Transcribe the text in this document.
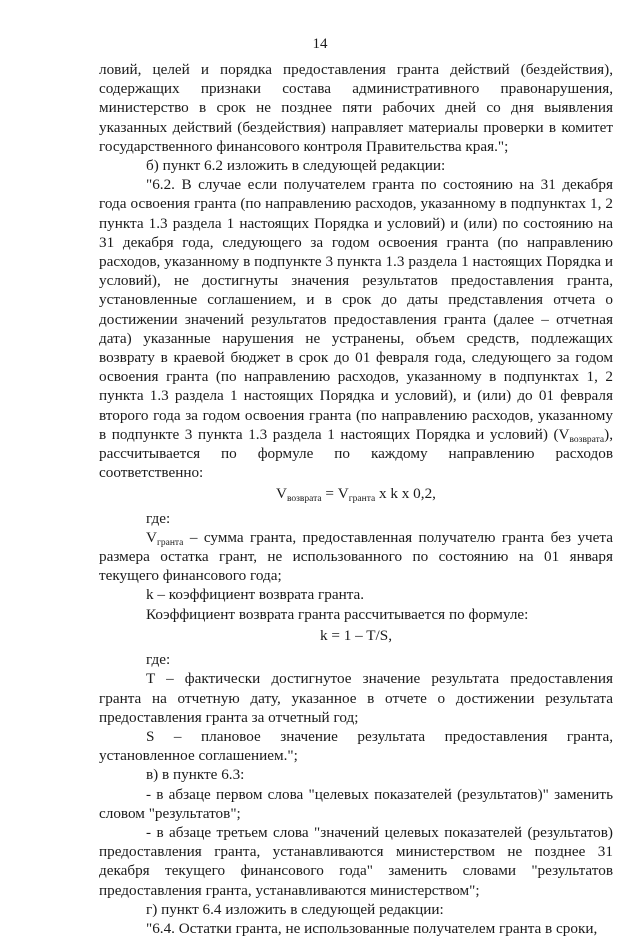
14

ловий, целей и порядка предоставления гранта действий (бездействия), содержащих признаки состава административного правонарушения, министерство в срок не позднее пяти рабочих дней со дня выявления указанных действий (бездействия) направляет материалы проверки в комитет государственного финансового контроля Правительства края.";

б) пункт 6.2 изложить в следующей редакции:

"6.2. В случае если получателем гранта по состоянию на 31 декабря года освоения гранта (по направлению расходов, указанному в подпунктах 1, 2 пункта 1.3 раздела 1 настоящих Порядка и условий) и (или) по состоянию на 31 декабря года, следующего за годом освоения гранта (по направлению расходов, указанному в подпункте 3 пункта 1.3 раздела 1 настоящих Порядка и условий), не достигнуты значения результатов предоставления гранта, установленные соглашением, и в срок до даты представления отчета о достижении значений результатов предоставления гранта (далее – отчетная дата) указанные нарушения не устранены, объем средств, подлежащих возврату в краевой бюджет в срок до 01 февраля года, следующего за годом освоения гранта (по направлению расходов, указанному в подпунктах 1, 2 пункта 1.3 раздела 1 настоящих Порядка и условий), и (или) до 01 февраля второго года за годом освоения гранта (по направлению расходов, указанному в подпункте 3 пункта 1.3 раздела 1 настоящих Порядка и условий) $(V_{возврата})$, рассчитывается по формуле по каждому направлению расходов соответственно:

$V_{возврата} = V_{гранта}$ x k x 0,2,

где:

$V_{гранта}$ – сумма гранта, предоставленная получателю гранта без учета размера остатка грант, не использованного по состоянию на 01 января текущего финансового года;

k – коэффициент возврата гранта.

Коэффициент возврата гранта рассчитывается по формуле:

k = 1 – T/S,

где:

T – фактически достигнутое значение результата предоставления гранта на отчетную дату, указанное в отчете о достижении результата предоставления гранта за отчетный год;

S – плановое значение результата предоставления гранта, установленное соглашением.";

в) в пункте 6.3:

- в абзаце первом слова "целевых показателей (результатов)" заменить словом "результатов";

- в абзаце третьем слова "значений целевых показателей (результатов) предоставления гранта, устанавливаются министерством не позднее 31 декабря текущего финансового года" заменить словами "результатов предоставления гранта, устанавливаются министерством";

г) пункт 6.4 изложить в следующей редакции:

"6.4. Остатки гранта, не использованные получателем гранта в сроки,
